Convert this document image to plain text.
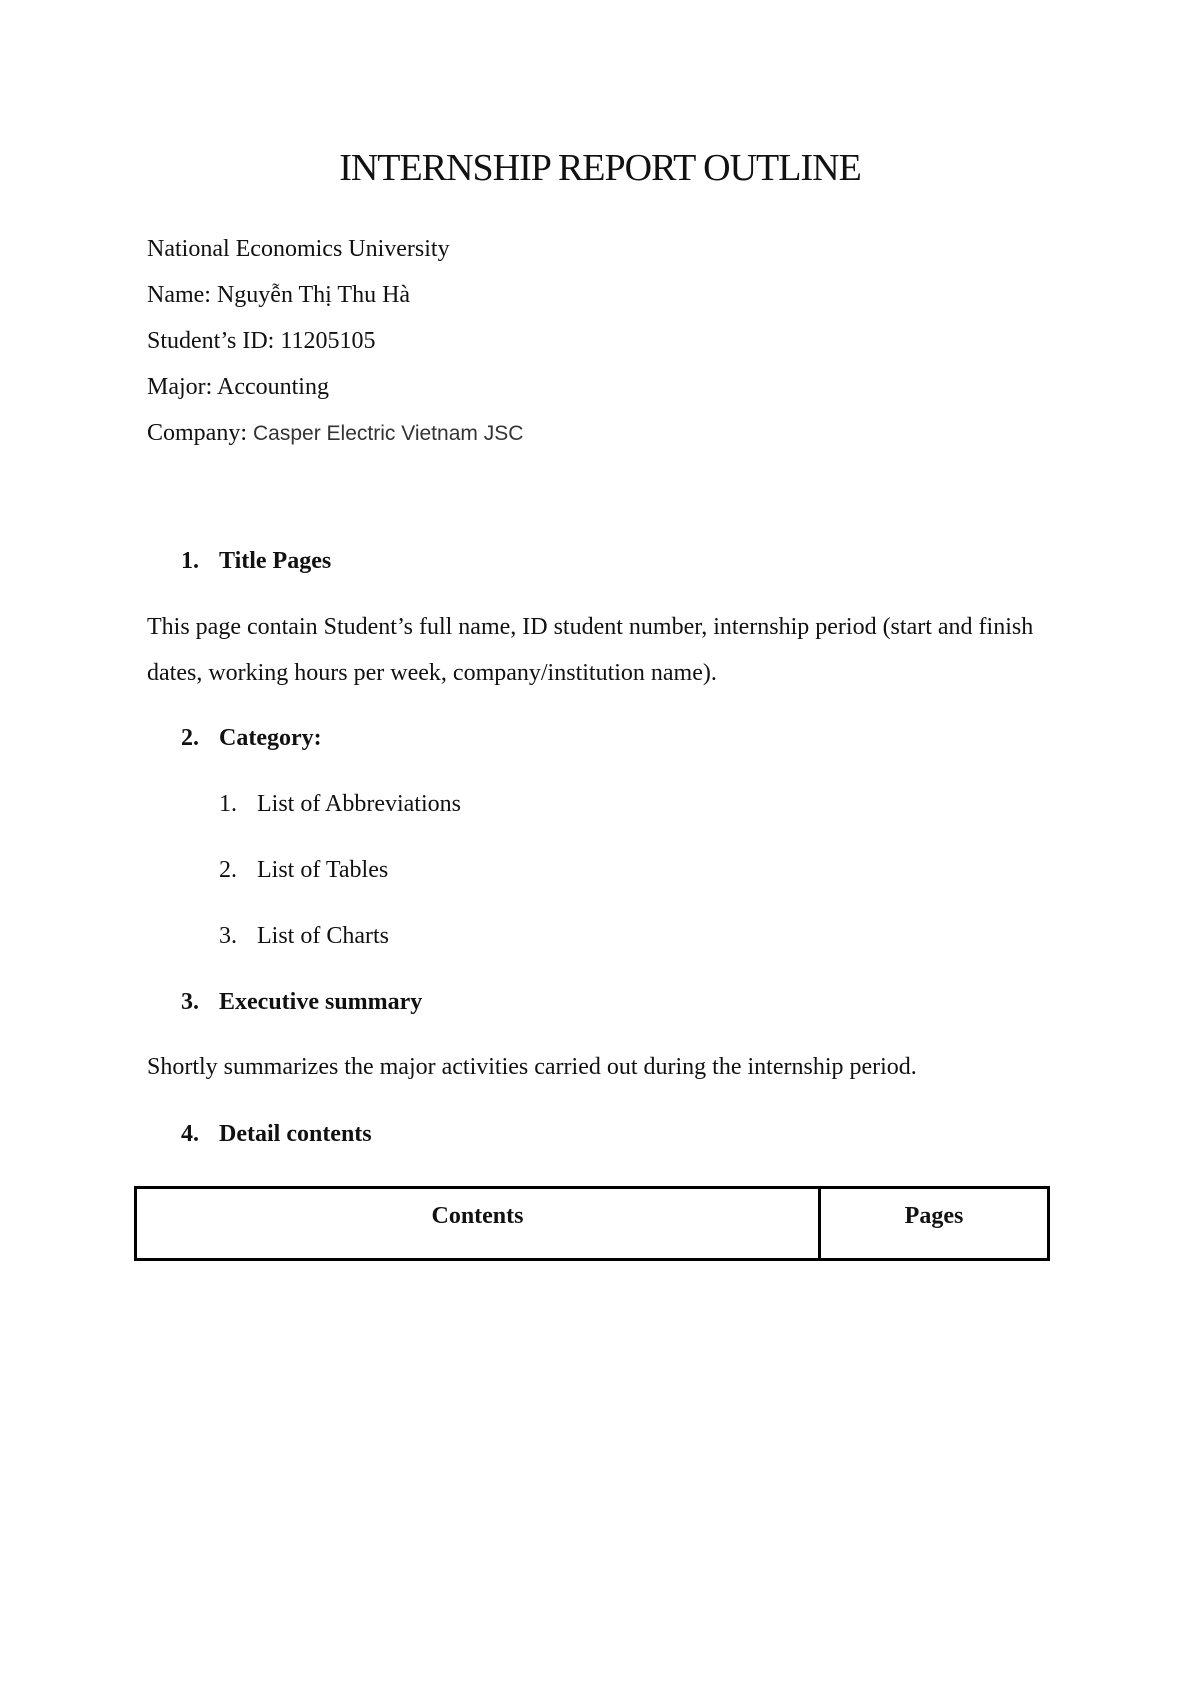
INTERNSHIP REPORT OUTLINE

National Economics University

Name: Nguyễn Thị Thu Hà

Student’s ID: 11205105

Major: Accounting

Company: Casper Electric Vietnam JSC

1. Title Pages

This page contain Student’s full name, ID student number, internship period (start and finish dates, working hours per week, company/institution name).

2. Category:

1. List of Abbreviations

2. List of Tables

3. List of Charts

3. Executive summary

Shortly summarizes the major activities carried out during the internship period.

4. Detail contents

Contents	Pages
